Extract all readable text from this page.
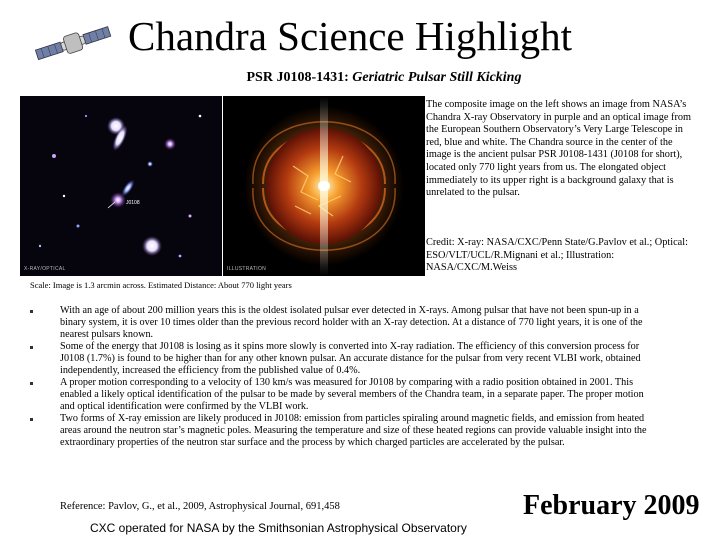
Chandra Science Highlight
PSR J0108-1431: Geriatric Pulsar Still Kicking
J0108
X-RAY/OPTICAL	ILLUSTRATION
Scale: Image is 1.3 arcmin across. Estimated Distance: About 770 light years

The composite image on the left shows an image from NASA’s Chandra X-ray Observatory in purple and an optical image from the European Southern Observatory’s Very Large Telescope in red, blue and white. The Chandra source in the center of the image is the ancient pulsar PSR J0108-1431 (J0108 for short), located only 770 light years from us. The elongated object immediately to its upper right is a background galaxy that is unrelated to the pulsar.

Credit: X-ray: NASA/CXC/Penn State/G.Pavlov et al.; Optical: ESO/VLT/UCL/R.Mignani et al.; Illustration: NASA/CXC/M.Weiss

With an age of about 200 million years this is the oldest isolated pulsar ever detected in X-rays. Among pulsar that have not been spun-up in a binary system, it is over 10 times older than the previous record holder with an X-ray detection. At a distance of 770 light years, it is one of the nearest pulsars known.
Some of the energy that J0108 is losing as it spins more slowly is converted into X-ray radiation. The efficiency of this conversion process for J0108 (1.7%) is found to be higher than for any other known pulsar. An accurate distance for the pulsar from very recent VLBI work, obtained independently, increased the efficiency from the published value of 0.4%.
A proper motion corresponding to a velocity of 130 km/s was measured for J0108 by comparing with a radio position obtained in 2001. This enabled a likely optical identification of the pulsar to be made by several members of the Chandra team, in a separate paper. The proper motion and optical identification were confirmed by the VLBI work.
Two forms of X-ray emission are likely produced in J0108: emission from particles spiraling around magnetic fields, and emission from heated areas around the neutron star’s magnetic poles. Measuring the temperature and size of these heated regions can provide valuable insight into the extraordinary properties of the neutron star surface and the process by which charged particles are accelerated by the pulsar.
Reference: Pavlov, G., et al., 2009, Astrophysical Journal, 691,458
CXC operated for NASA by the Smithsonian Astrophysical Observatory
February 2009
